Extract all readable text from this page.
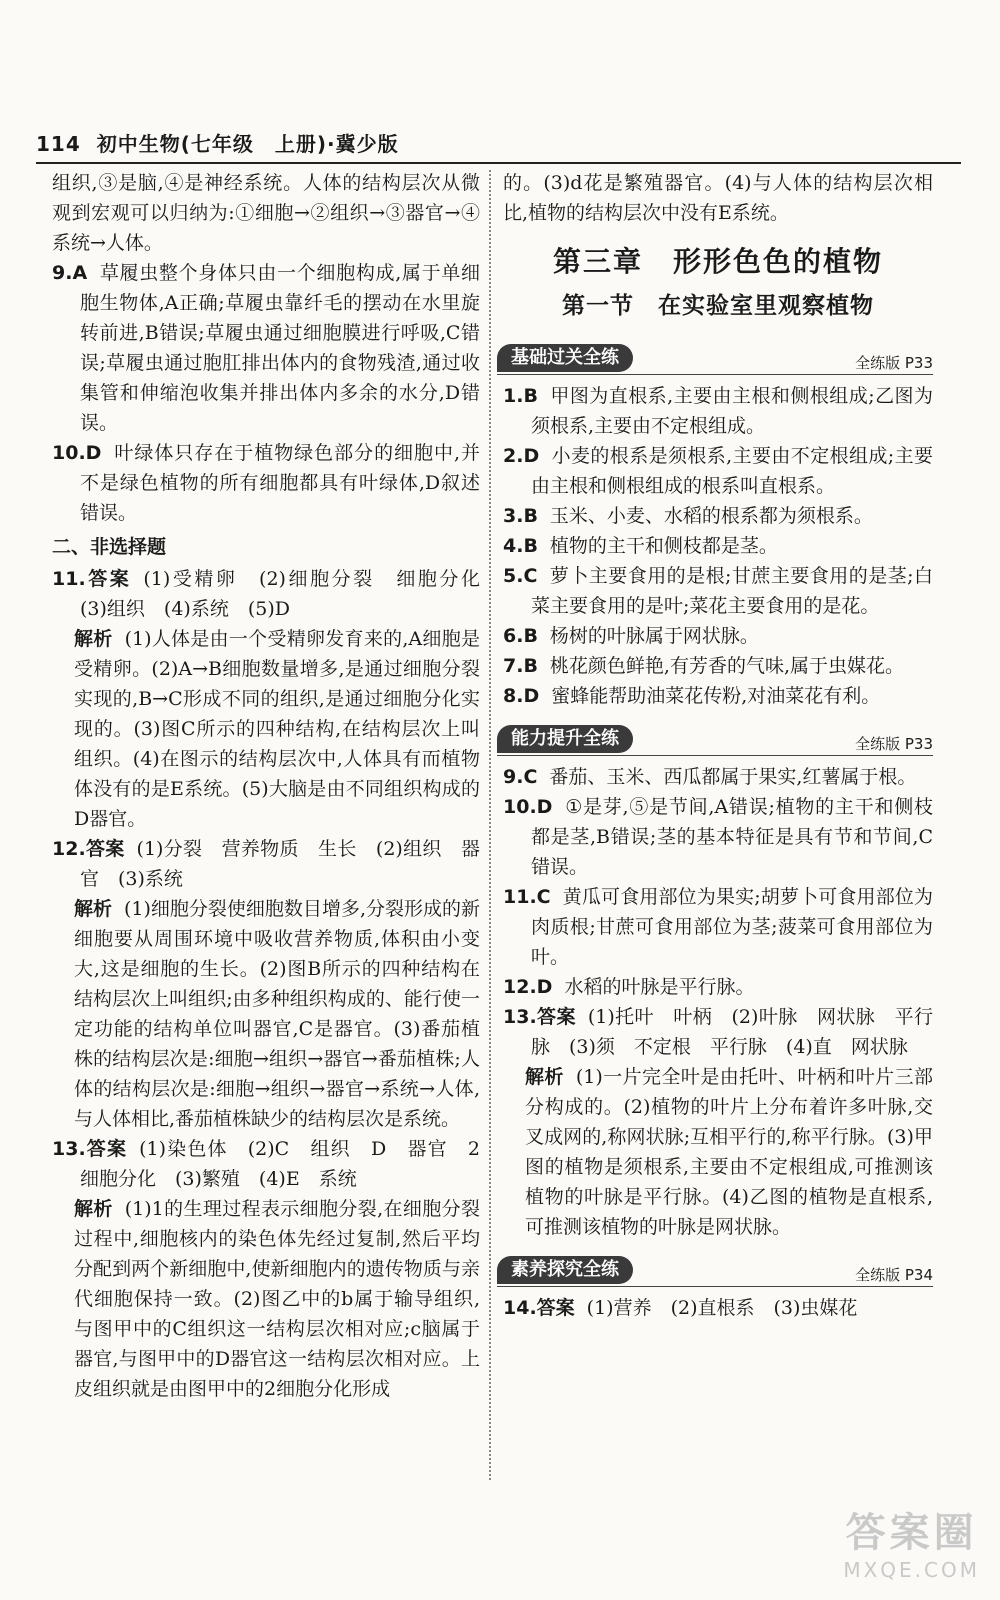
114 初中生物(七年级　上册)·冀少版

组织,③是脑,④是神经系统。人体的结构层次从微观到宏观可以归纳为:①细胞→②组织→③器官→④系统→人体。

9.A 草履虫整个身体只由一个细胞构成,属于单细胞生物体,A正确;草履虫靠纤毛的摆动在水里旋转前进,B错误;草履虫通过细胞膜进行呼吸,C错误;草履虫通过胞肛排出体内的食物残渣,通过收集管和伸缩泡收集并排出体内多余的水分,D错误。

10.D 叶绿体只存在于植物绿色部分的细胞中,并不是绿色植物的所有细胞都具有叶绿体,D叙述错误。

二、非选择题

11.答案 (1)受精卵　(2)细胞分裂　细胞分化　(3)组织　(4)系统　(5)D

解析 (1)人体是由一个受精卵发育来的,A细胞是受精卵。(2)A→B细胞数量增多,是通过细胞分裂实现的,B→C形成不同的组织,是通过细胞分化实现的。(3)图C所示的四种结构,在结构层次上叫组织。(4)在图示的结构层次中,人体具有而植物体没有的是E系统。(5)大脑是由不同组织构成的D器官。

12.答案 (1)分裂　营养物质　生长　(2)组织　器官　(3)系统

解析 (1)细胞分裂使细胞数目增多,分裂形成的新细胞要从周围环境中吸收营养物质,体积由小变大,这是细胞的生长。(2)图B所示的四种结构在结构层次上叫组织;由多种组织构成的、能行使一定功能的结构单位叫器官,C是器官。(3)番茄植株的结构层次是:细胞→组织→器官→番茄植株;人体的结构层次是:细胞→组织→器官→系统→人体,与人体相比,番茄植株缺少的结构层次是系统。

13.答案 (1)染色体　(2)C　组织　D　器官　2　细胞分化　(3)繁殖　(4)E　系统

解析 (1)1的生理过程表示细胞分裂,在细胞分裂过程中,细胞核内的染色体先经过复制,然后平均分配到两个新细胞中,使新细胞内的遗传物质与亲代细胞保持一致。(2)图乙中的b属于输导组织,与图甲中的C组织这一结构层次相对应;c脑属于器官,与图甲中的D器官这一结构层次相对应。上皮组织就是由图甲中的2细胞分化形成

的。(3)d花是繁殖器官。(4)与人体的结构层次相比,植物的结构层次中没有E系统。

第三章　形形色色的植物
第一节　在实验室里观察植物
基础过关全练	全练版 P33

1.B 甲图为直根系,主要由主根和侧根组成;乙图为须根系,主要由不定根组成。

2.D 小麦的根系是须根系,主要由不定根组成;主要由主根和侧根组成的根系叫直根系。

3.B 玉米、小麦、水稻的根系都为须根系。

4.B 植物的主干和侧枝都是茎。

5.C 萝卜主要食用的是根;甘蔗主要食用的是茎;白菜主要食用的是叶;菜花主要食用的是花。

6.B 杨树的叶脉属于网状脉。

7.B 桃花颜色鲜艳,有芳香的气味,属于虫媒花。

8.D 蜜蜂能帮助油菜花传粉,对油菜花有利。

能力提升全练	全练版 P33

9.C 番茄、玉米、西瓜都属于果实,红薯属于根。

10.D ①是芽,⑤是节间,A错误;植物的主干和侧枝都是茎,B错误;茎的基本特征是具有节和节间,C错误。

11.C 黄瓜可食用部位为果实;胡萝卜可食用部位为肉质根;甘蔗可食用部位为茎;菠菜可食用部位为叶。

12.D 水稻的叶脉是平行脉。

13.答案 (1)托叶　叶柄　(2)叶脉　网状脉　平行脉　(3)须　不定根　平行脉　(4)直　网状脉

解析 (1)一片完全叶是由托叶、叶柄和叶片三部分构成的。(2)植物的叶片上分布着许多叶脉,交叉成网的,称网状脉;互相平行的,称平行脉。(3)甲图的植物是须根系,主要由不定根组成,可推测该植物的叶脉是平行脉。(4)乙图的植物是直根系,可推测该植物的叶脉是网状脉。

素养探究全练	全练版 P34

14.答案 (1)营养　(2)直根系　(3)虫媒花

答案圈
MXQE.COM
